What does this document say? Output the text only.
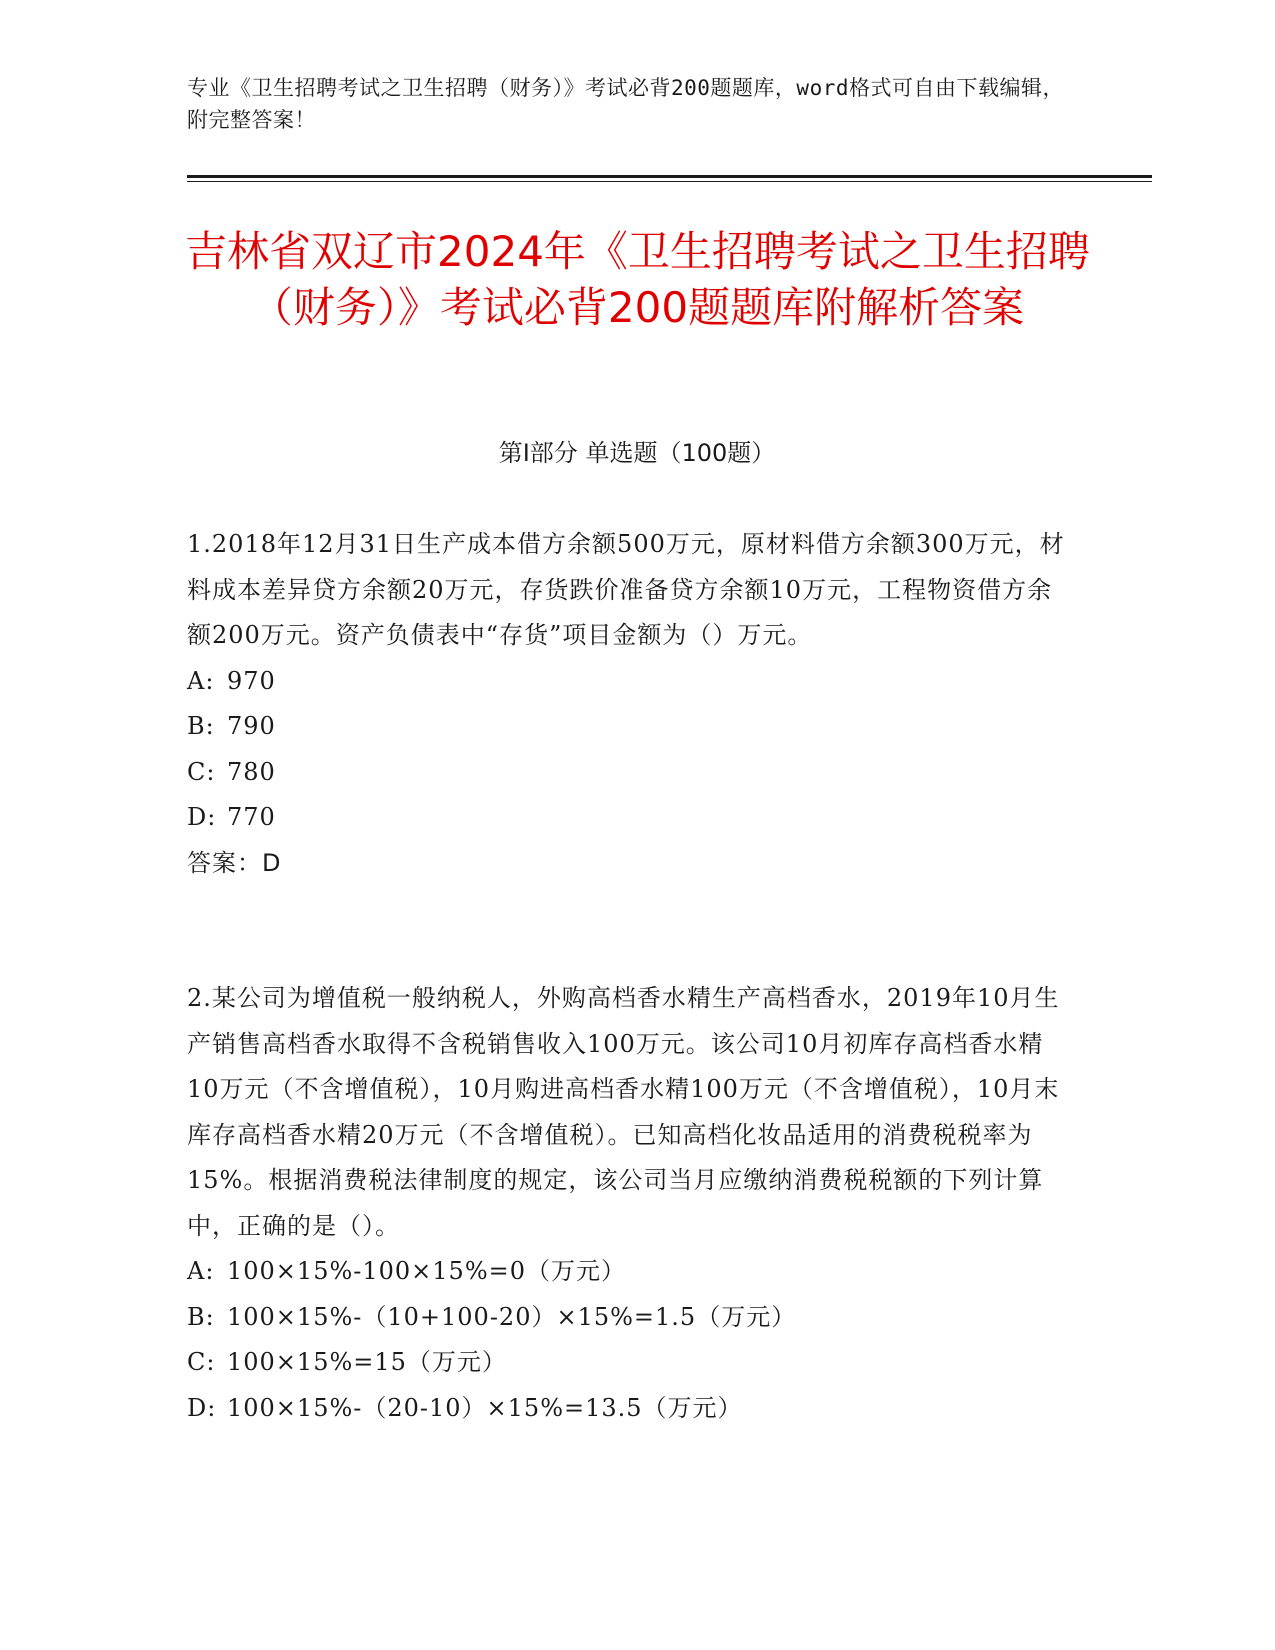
专业《卫生招聘考试之卫生招聘（财务）》考试必背200题题库，word格式可自由下载编辑，附完整答案！
吉林省双辽市2024年《卫生招聘考试之卫生招聘（财务）》考试必背200题题库附解析答案
第Ⅰ部分 单选题（100题）

1.2018年12月31日生产成本借方余额500万元，原材料借方余额300万元，材料成本差异贷方余额20万元，存货跌价准备贷方余额10万元，工程物资借方余额200万元。资产负债表中“存货”项目金额为（）万元。

A: 970

B: 790

C: 780

D: 770

答案：D

2.某公司为增值税一般纳税人，外购高档香水精生产高档香水，2019年10月生产销售高档香水取得不含税销售收入100万元。该公司10月初库存高档香水精10万元（不含增值税），10月购进高档香水精100万元（不含增值税），10月末库存高档香水精20万元（不含增值税）。已知高档化妆品适用的消费税税率为15%。根据消费税法律制度的规定，该公司当月应缴纳消费税税额的下列计算中，正确的是（）。

A: 100×15%-100×15%=0（万元）

B: 100×15%-（10+100-20）×15%=1.5（万元）

C: 100×15%=15（万元）

D: 100×15%-（20-10）×15%=13.5（万元）
